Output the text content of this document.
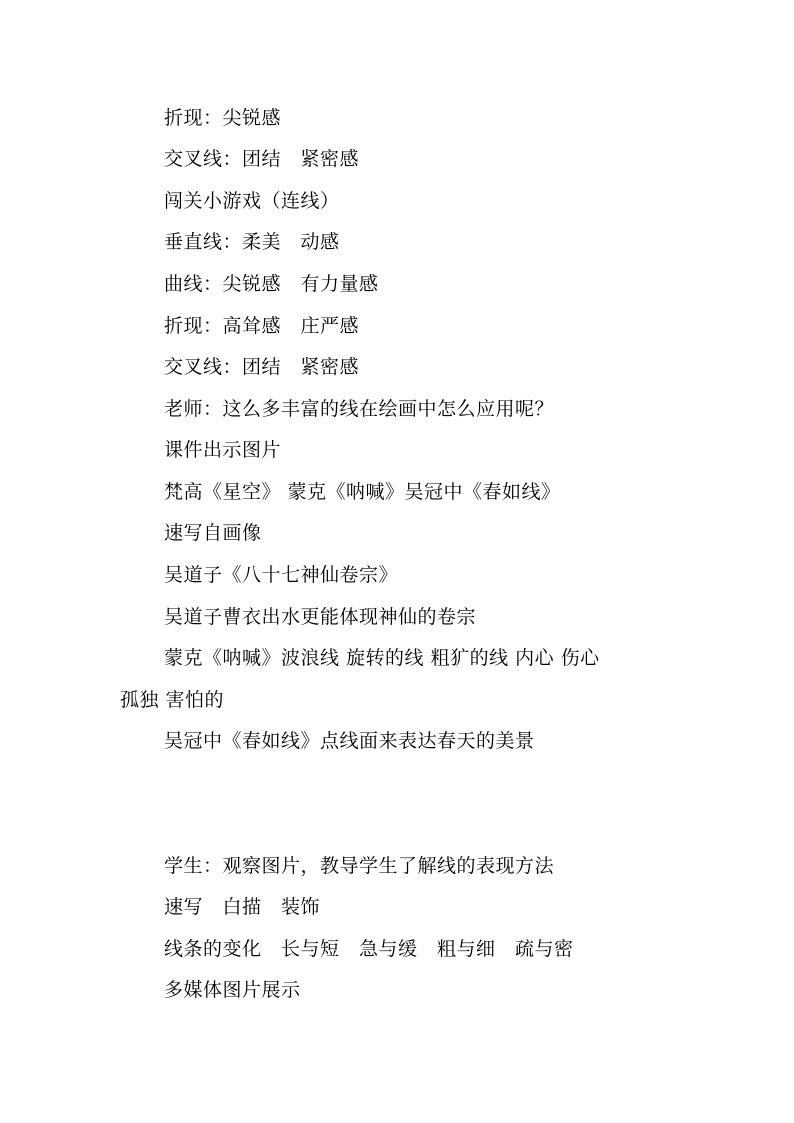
折现：尖锐感
交叉线：团结　紧密感
闯关小游戏（连线）
垂直线：柔美　动感
曲线：尖锐感　有力量感
折现：高耸感　庄严感
交叉线：团结　紧密感
老师：这么多丰富的线在绘画中怎么应用呢？
课件出示图片
梵高《星空》 蒙克《呐喊》吴冠中《春如线》
速写自画像
吴道子《八十七神仙卷宗》
吴道子曹衣出水更能体现神仙的卷宗
蒙克《呐喊》波浪线 旋转的线 粗犷的线 内心 伤心
孤独 害怕的
吴冠中《春如线》点线面来表达春天的美景
学生：观察图片，教导学生了解线的表现方法
速写　白描　装饰
线条的变化　长与短　急与缓　粗与细　疏与密
多媒体图片展示
